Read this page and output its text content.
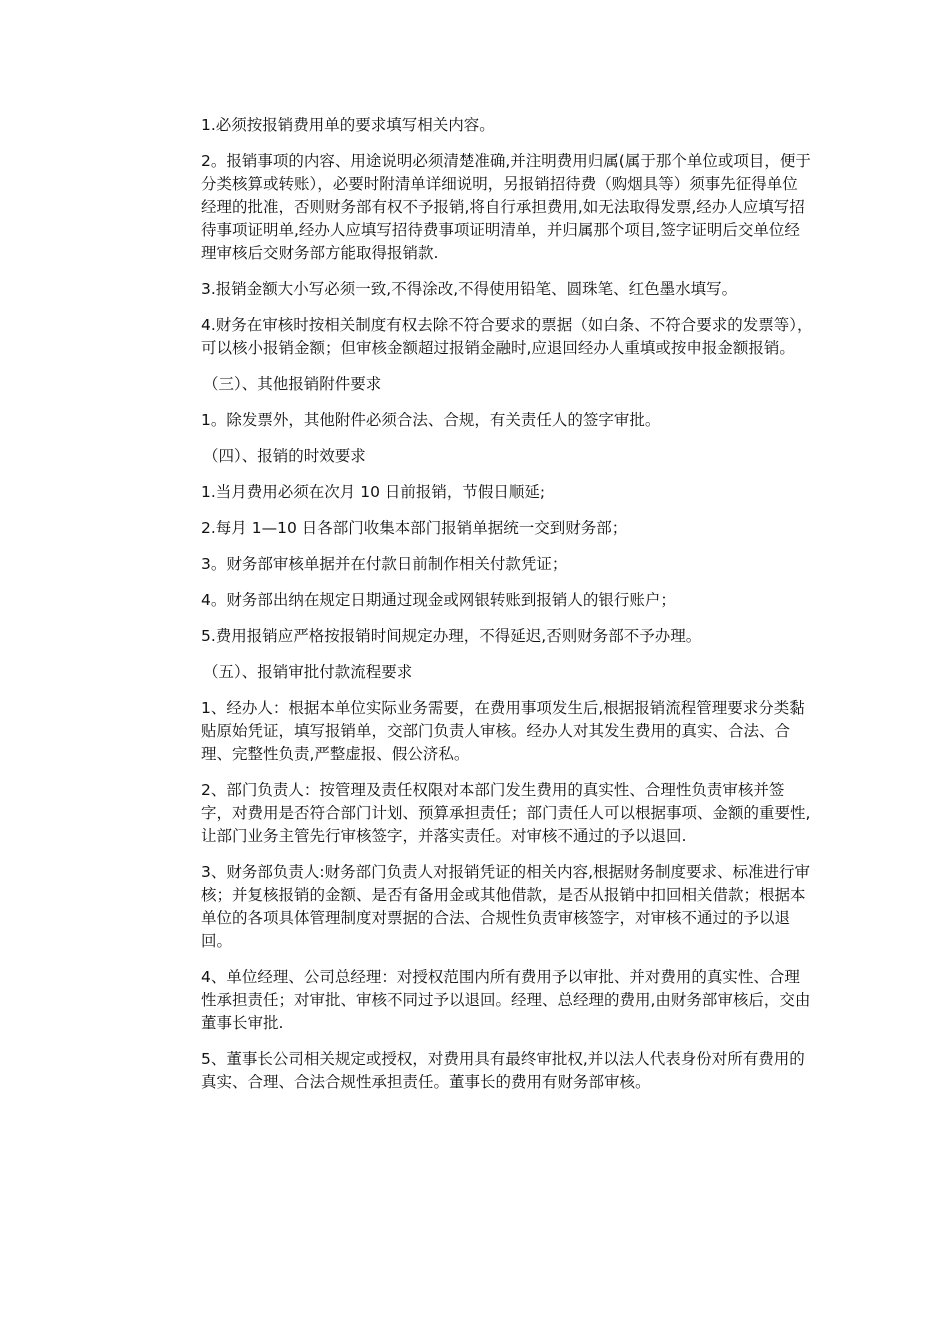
1.必须按报销费用单的要求填写相关内容。

2。报销事项的内容、用途说明必须清楚准确,并注明费用归属(属于那个单位或项目，便于分类核算或转账），必要时附清单详细说明，另报销招待费（购烟具等）须事先征得单位经理的批准，否则财务部有权不予报销,将自行承担费用,如无法取得发票,经办人应填写招待事项证明单,经办人应填写招待费事项证明清单，并归属那个项目,签字证明后交单位经理审核后交财务部方能取得报销款.

3.报销金额大小写必须一致,不得涂改,不得使用铅笔、圆珠笔、红色墨水填写。

4.财务在审核时按相关制度有权去除不符合要求的票据（如白条、不符合要求的发票等），可以核小报销金额；但审核金额超过报销金融时,应退回经办人重填或按申报金额报销。

（三）、其他报销附件要求

1。除发票外，其他附件必须合法、合规，有关责任人的签字审批。

（四）、报销的时效要求

1.当月费用必须在次月 10 日前报销，节假日顺延;

2.每月 1—10 日各部门收集本部门报销单据统一交到财务部；

3。财务部审核单据并在付款日前制作相关付款凭证；

4。财务部出纳在规定日期通过现金或网银转账到报销人的银行账户；

5.费用报销应严格按报销时间规定办理，不得延迟,否则财务部不予办理。

（五）、报销审批付款流程要求

1、经办人：根据本单位实际业务需要，在费用事项发生后,根据报销流程管理要求分类黏贴原始凭证，填写报销单，交部门负责人审核。经办人对其发生费用的真实、合法、合理、完整性负责,严整虚报、假公济私。

2、部门负责人：按管理及责任权限对本部门发生费用的真实性、合理性负责审核并签字，对费用是否符合部门计划、预算承担责任；部门责任人可以根据事项、金额的重要性,让部门业务主管先行审核签字，并落实责任。对审核不通过的予以退回.

3、财务部负责人:财务部门负责人对报销凭证的相关内容,根据财务制度要求、标准进行审核；并复核报销的金额、是否有备用金或其他借款，是否从报销中扣回相关借款；根据本单位的各项具体管理制度对票据的合法、合规性负责审核签字，对审核不通过的予以退回。

4、单位经理、公司总经理：对授权范围内所有费用予以审批、并对费用的真实性、合理性承担责任；对审批、审核不同过予以退回。经理、总经理的费用,由财务部审核后，交由董事长审批.

5、董事长公司相关规定或授权，对费用具有最终审批权,并以法人代表身份对所有费用的真实、合理、合法合规性承担责任。董事长的费用有财务部审核。
